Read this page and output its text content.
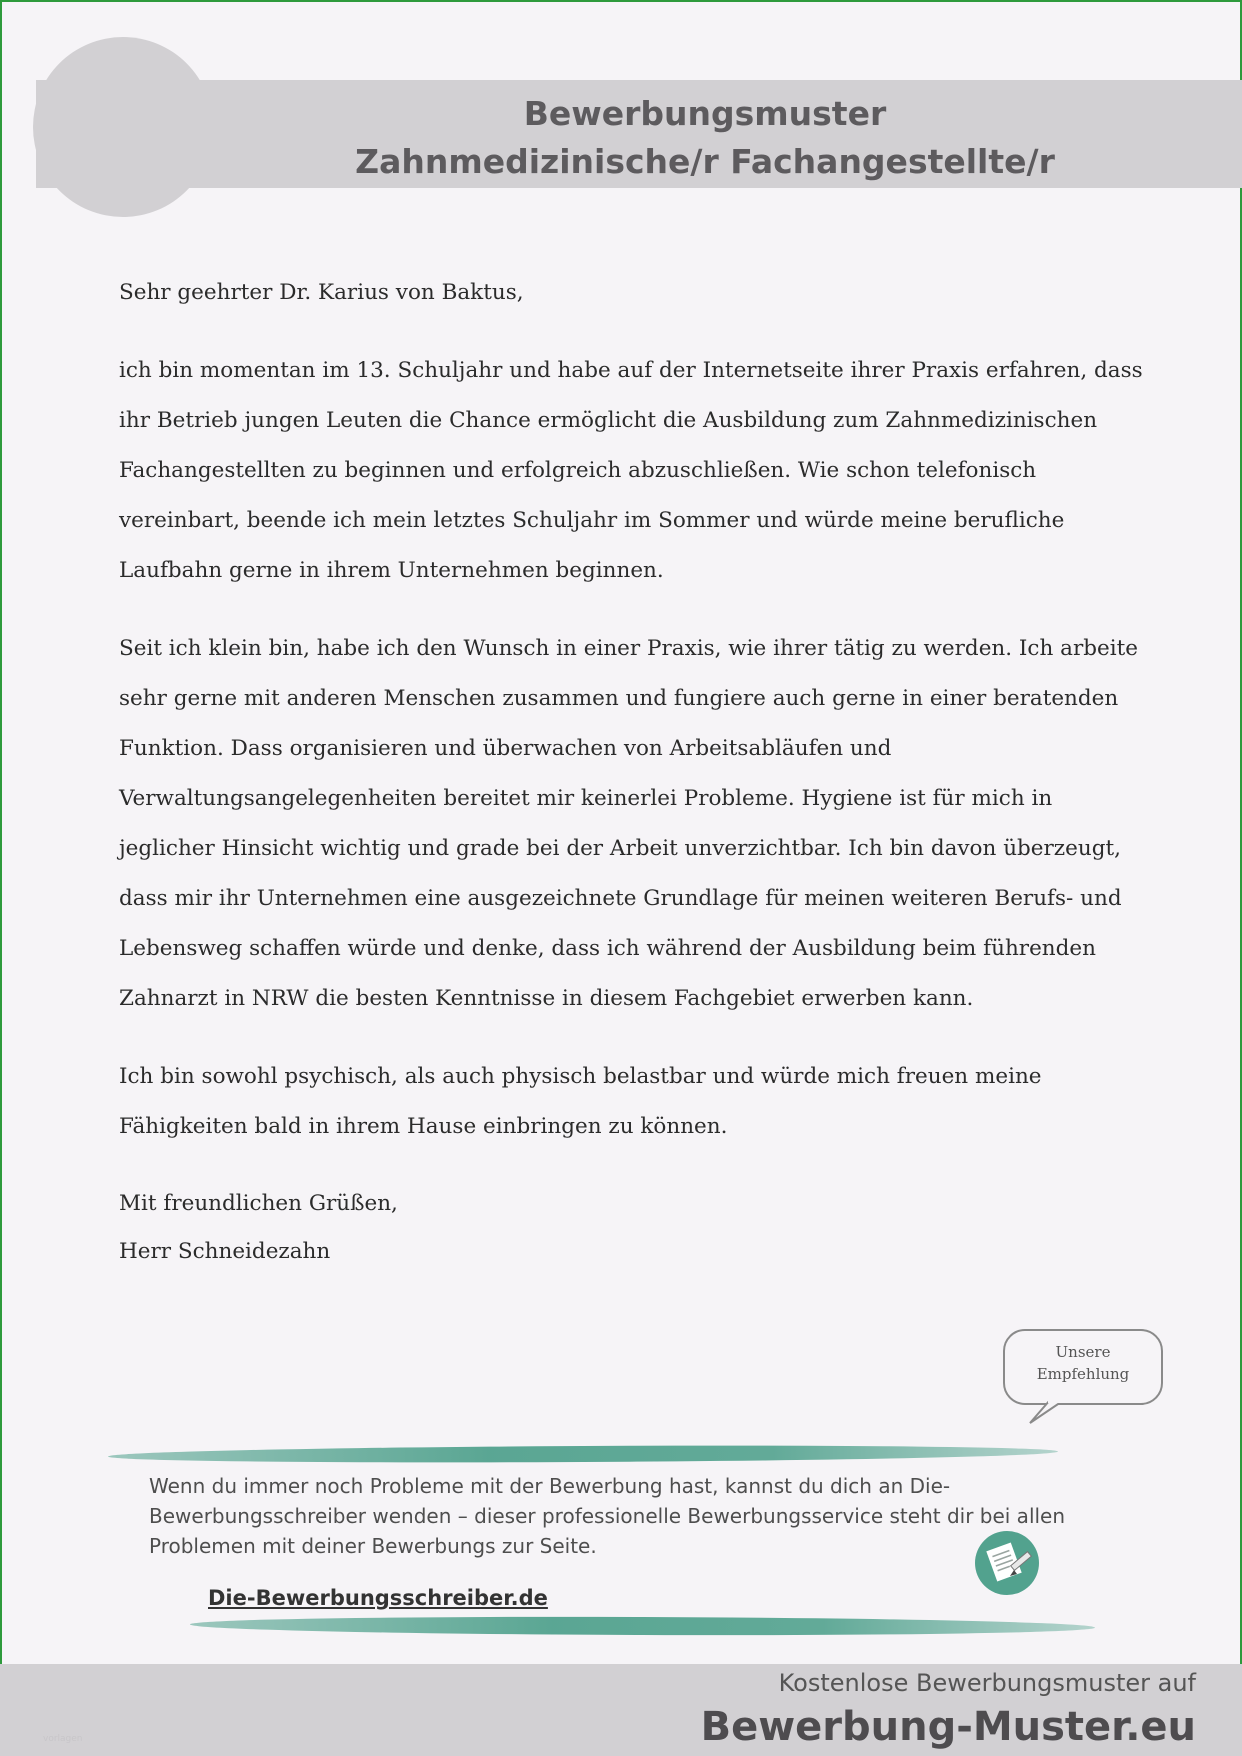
Bewerbungsmuster
Zahnmedizinische/r Fachangestellte/r

Sehr geehrter Dr. Karius von Baktus,

ich bin momentan im 13. Schuljahr und habe auf der Internetseite ihrer Praxis erfahren, dass ihr Betrieb jungen Leuten die Chance ermöglicht die Ausbildung zum Zahnmedizinischen Fachangestellten zu beginnen und erfolgreich abzuschließen. Wie schon telefonisch vereinbart, beende ich mein letztes Schuljahr im Sommer und würde meine berufliche Laufbahn gerne in ihrem Unternehmen beginnen.

Seit ich klein bin, habe ich den Wunsch in einer Praxis, wie ihrer tätig zu werden. Ich arbeite sehr gerne mit anderen Menschen zusammen und fungiere auch gerne in einer beratenden Funktion. Dass organisieren und überwachen von Arbeitsabläufen und Verwaltungsangelegenheiten bereitet mir keinerlei Probleme. Hygiene ist für mich in jeglicher Hinsicht wichtig und grade bei der Arbeit unverzichtbar. Ich bin davon überzeugt, dass mir ihr Unternehmen eine ausgezeichnete Grundlage für meinen weiteren Berufs- und Lebensweg schaffen würde und denke, dass ich während der Ausbildung beim führenden Zahnarzt in NRW die besten Kenntnisse in diesem Fachgebiet erwerben kann.

Ich bin sowohl psychisch, als auch physisch belastbar und würde mich freuen meine Fähigkeiten bald in ihrem Hause einbringen zu können.

Mit freundlichen Grüßen,
Herr Schneidezahn
Unsere
Empfehlung
Wenn du immer noch Probleme mit der Bewerbung hast, kannst du dich an Die-Bewerbungsschreiber wenden – dieser professionelle Bewerbungsservice steht dir bei allen Problemen mit deiner Bewerbungs zur Seite.
Die-Bewerbungsschreiber.de
vorlagen
Kostenlose Bewerbungsmuster auf
Bewerbung-Muster.eu
